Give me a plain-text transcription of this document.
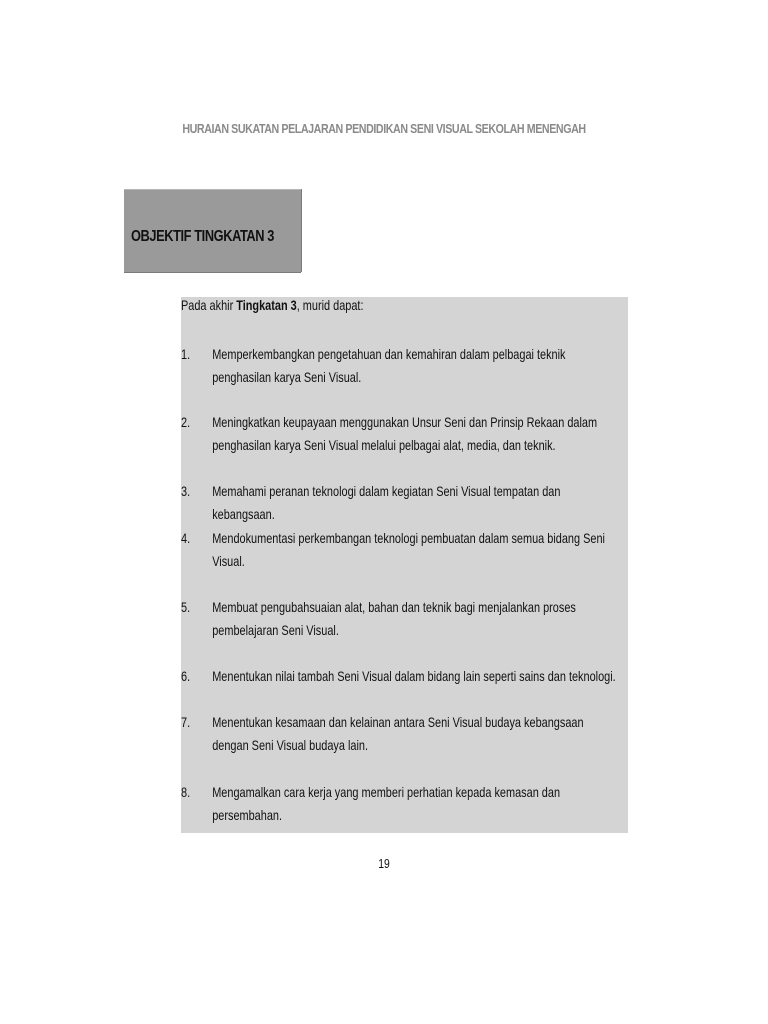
HURAIAN SUKATAN PELAJARAN PENDIDIKAN SENI VISUAL SEKOLAH MENENGAH
OBJEKTIF TINGKATAN 3
Pada akhir Tingkatan 3, murid dapat:
1.	Memperkembangkan pengetahuan dan kemahiran dalam pelbagai teknik penghasilan karya Seni Visual.
2.	Meningkatkan keupayaan menggunakan Unsur Seni dan Prinsip Rekaan dalam penghasilan karya Seni Visual melalui pelbagai alat, media, dan teknik.
3.	Memahami peranan teknologi dalam kegiatan Seni Visual tempatan dan kebangsaan.
4.	Mendokumentasi perkembangan teknologi pembuatan dalam semua bidang Seni Visual.
5.	Membuat pengubahsuaian alat, bahan dan teknik bagi menjalankan proses pembelajaran Seni Visual.
6.	Menentukan nilai tambah Seni Visual dalam bidang lain seperti sains dan teknologi.
7.	Menentukan kesamaan dan kelainan antara Seni Visual budaya kebangsaan dengan Seni Visual budaya lain.
8.	Mengamalkan cara kerja yang memberi perhatian kepada kemasan dan persembahan.
19
